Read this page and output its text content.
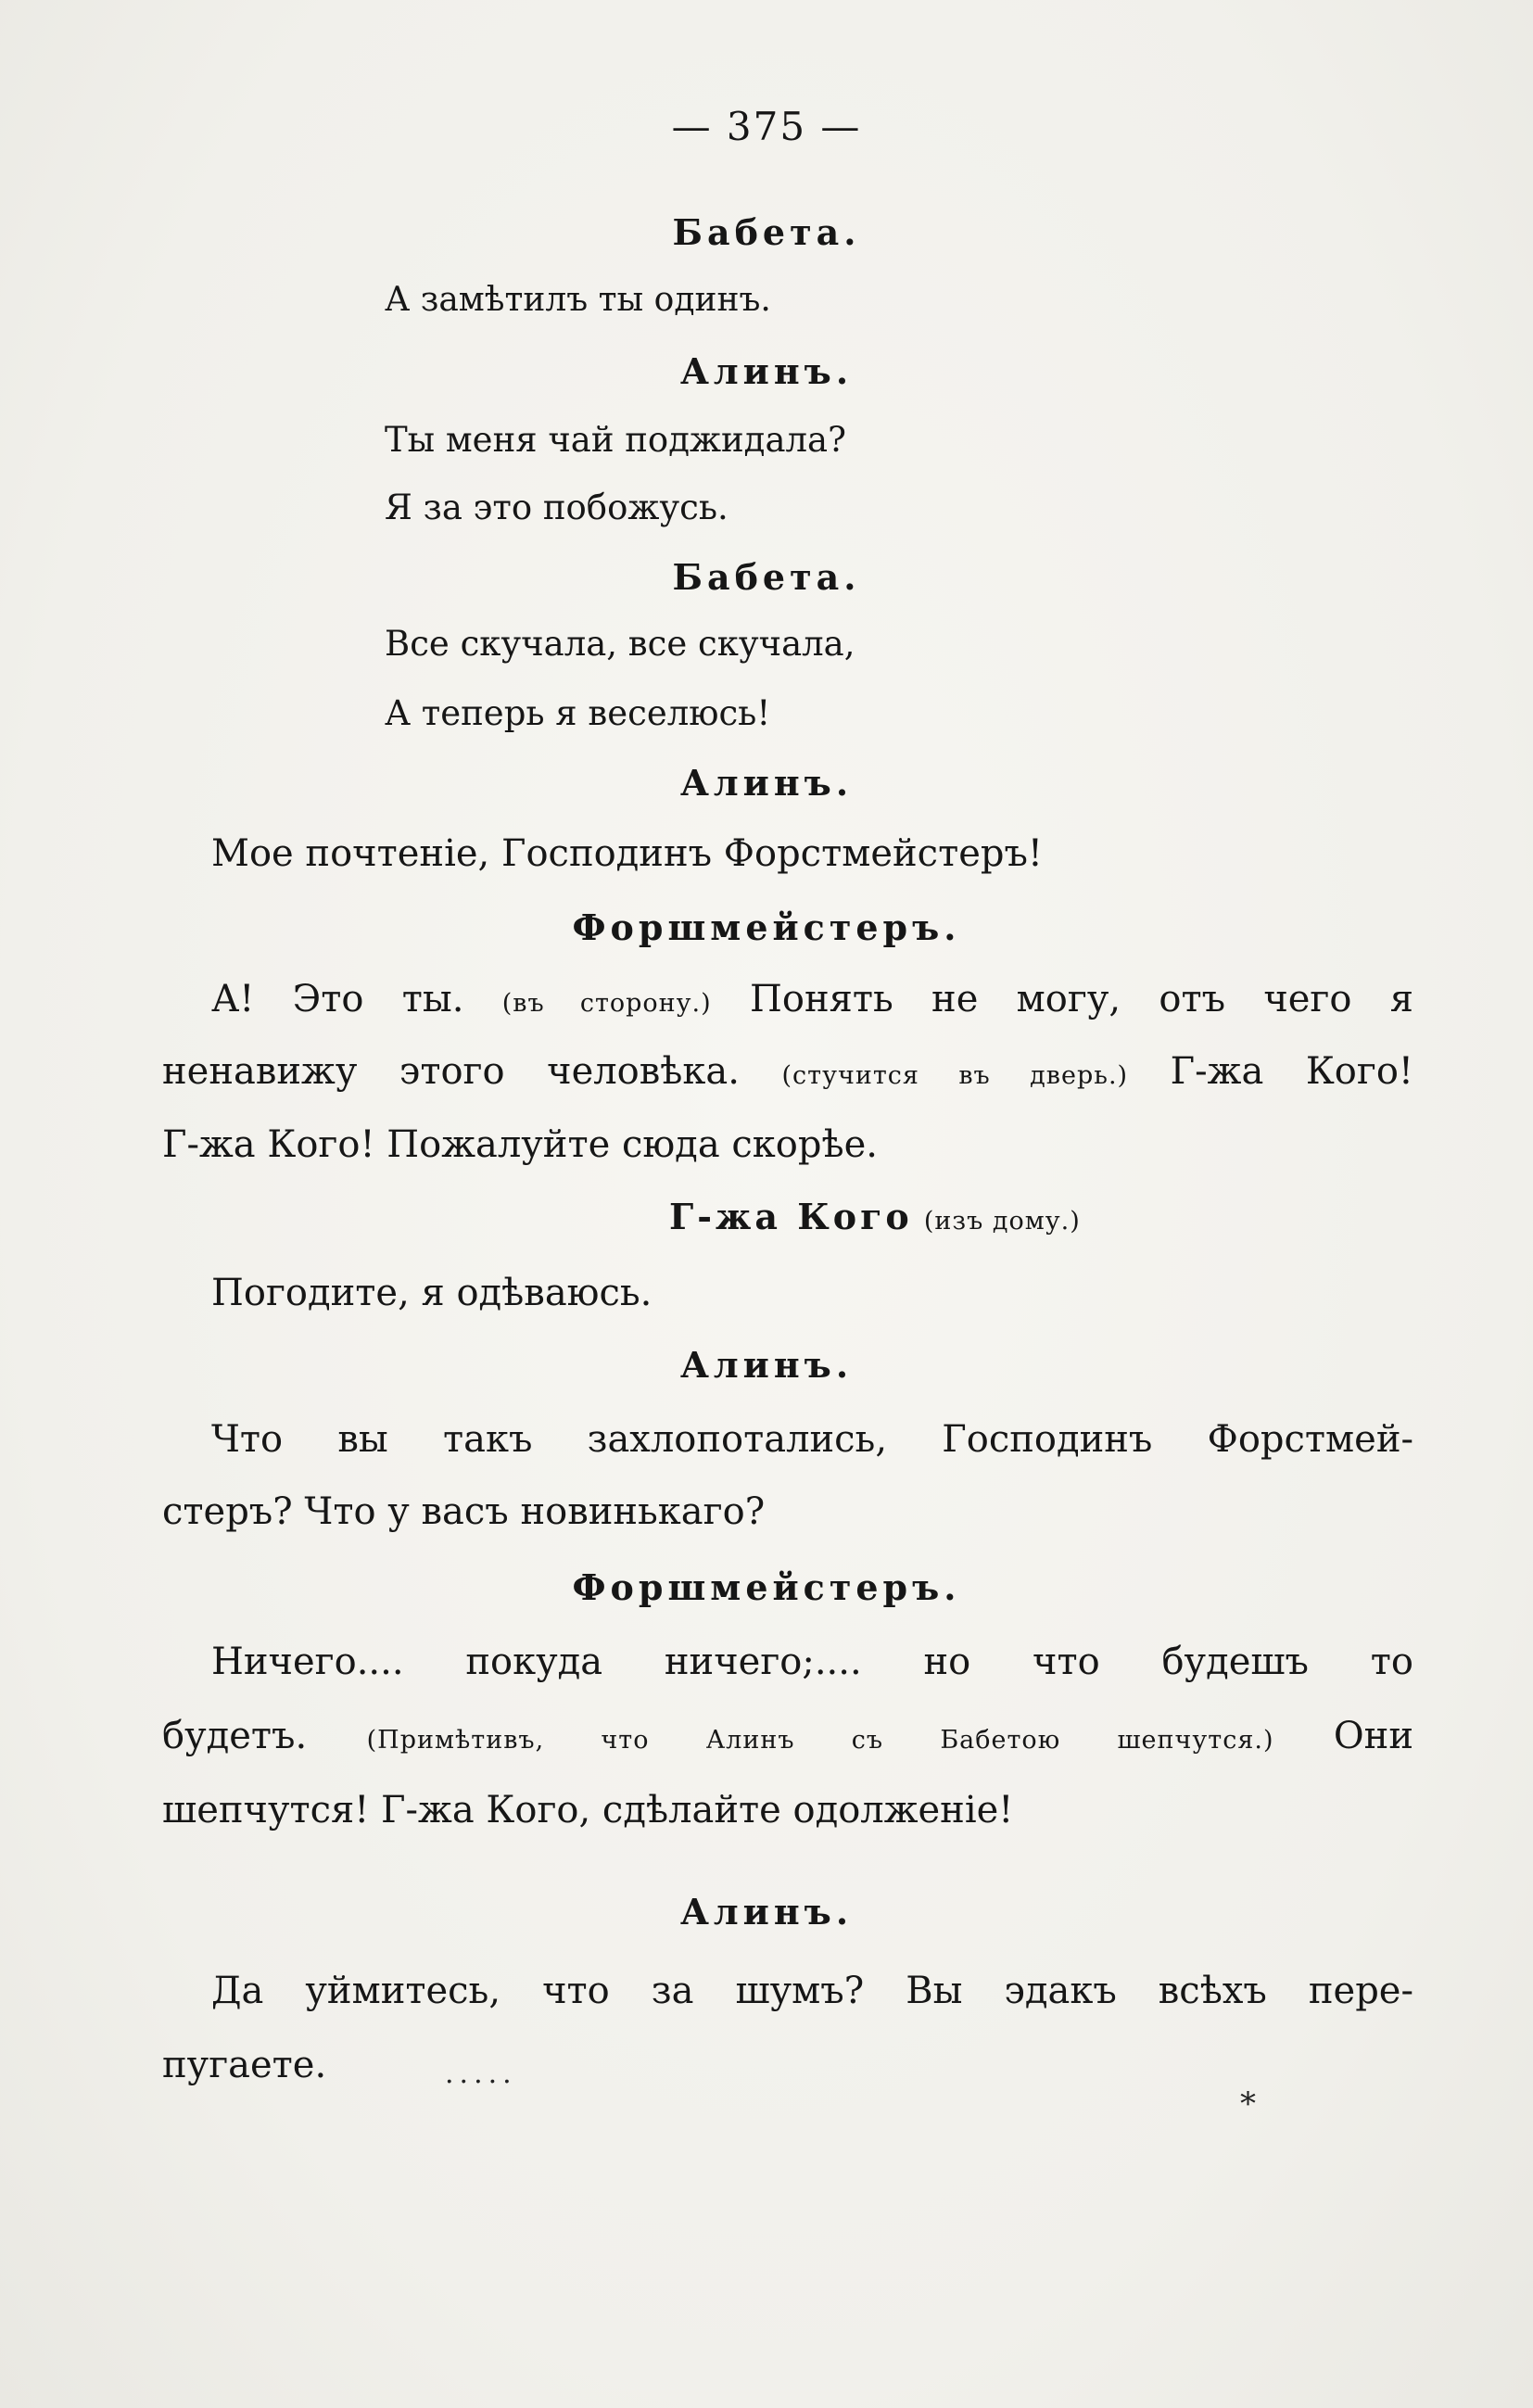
— 375 —
Бабета.
А замѣтилъ ты одинъ.
Алинъ.
Ты меня чай поджидала?
Я за это побожусь.
Бабета.
Все скучала, все скучала,
А теперь я веселюсь!
Алинъ.
Мое почтеніе, Господинъ Форстмейстеръ!
Форшмейстеръ.
А! Это ты. (въ сторону.) Понять не могу, отъ чего я
ненавижу этого человѣка. (стучится въ дверь.) Г-жа Кого!
Г-жа Кого! Пожалуйте сюда скорѣе.
Г-жа Кого (изъ дому.)
Погодите, я одѣваюсь.
Алинъ.
Что вы такъ захлопотались, Господинъ Форстмей-
стеръ? Что у васъ новинькаго?
Форшмейстеръ.
Ничего.... покуда ничего;.... но что будешъ то
будетъ. (Примѣтивъ, что Алинъ съ Бабетою шепчутся.) Они
шепчутся! Г-жа Кого, сдѣлайте одолженіе!
Алинъ.
Да уймитесь, что за шумъ? Вы эдакъ всѣхъ пере-
пугаете.	.....
*
